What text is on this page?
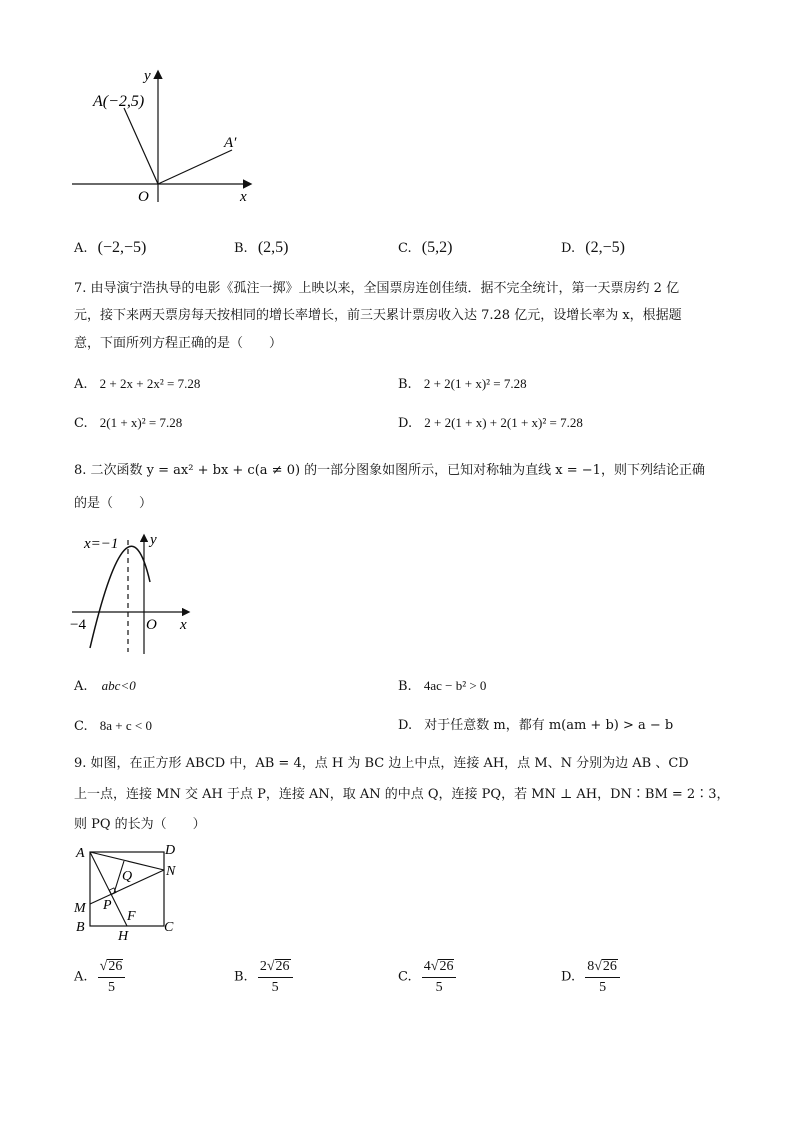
A(−2,5)
A′
y
x
O
A. (−2,−5)	B. (2,5)	C. (5,2)	D. (2,−5)
7. 由导演宁浩执导的电影《孤注一掷》上映以来，全国票房连创佳绩．据不完全统计，第一天票房约 2 亿
元，接下来两天票房每天按相同的增长率增长，前三天累计票房收入达 7.28 亿元，设增长率为 x，根据题
意，下面所列方程正确的是（　　）
A. 2 + 2x + 2x² = 7.28	B. 2 + 2(1 + x)² = 7.28
C. 2(1 + x)² = 7.28	D. 2 + 2(1 + x) + 2(1 + x)² = 7.28
8. 二次函数 y = ax² + bx + c(a ≠ 0) 的一部分图象如图所示，已知对称轴为直线 x = −1，则下列结论正确
的是（　　）
x=−1 y
−4	O x
A. abc<0	B. 4ac − b² > 0
C. 8a + c < 0	D. 对于任意数 m，都有 m(am + b) > a − b
9. 如图，在正方形 ABCD 中，AB = 4，点 H 为 BC 边上中点，连接 AH，点 M、N 分别为边 AB 、CD
上一点，连接 MN 交 AH 于点 P，连接 AN，取 AN 的中点 Q，连接 PQ，若 MN ⊥ AH，DN∶BM = 2∶3，
则 PQ 的长为（　　）
A	D
N
Q
M P
F
B	C
H
A. $\frac{√26}{5}$	B. $\frac{2√26}{5}$	C. $\frac{4√26}{5}$	D. $\frac{8√26}{5}$
